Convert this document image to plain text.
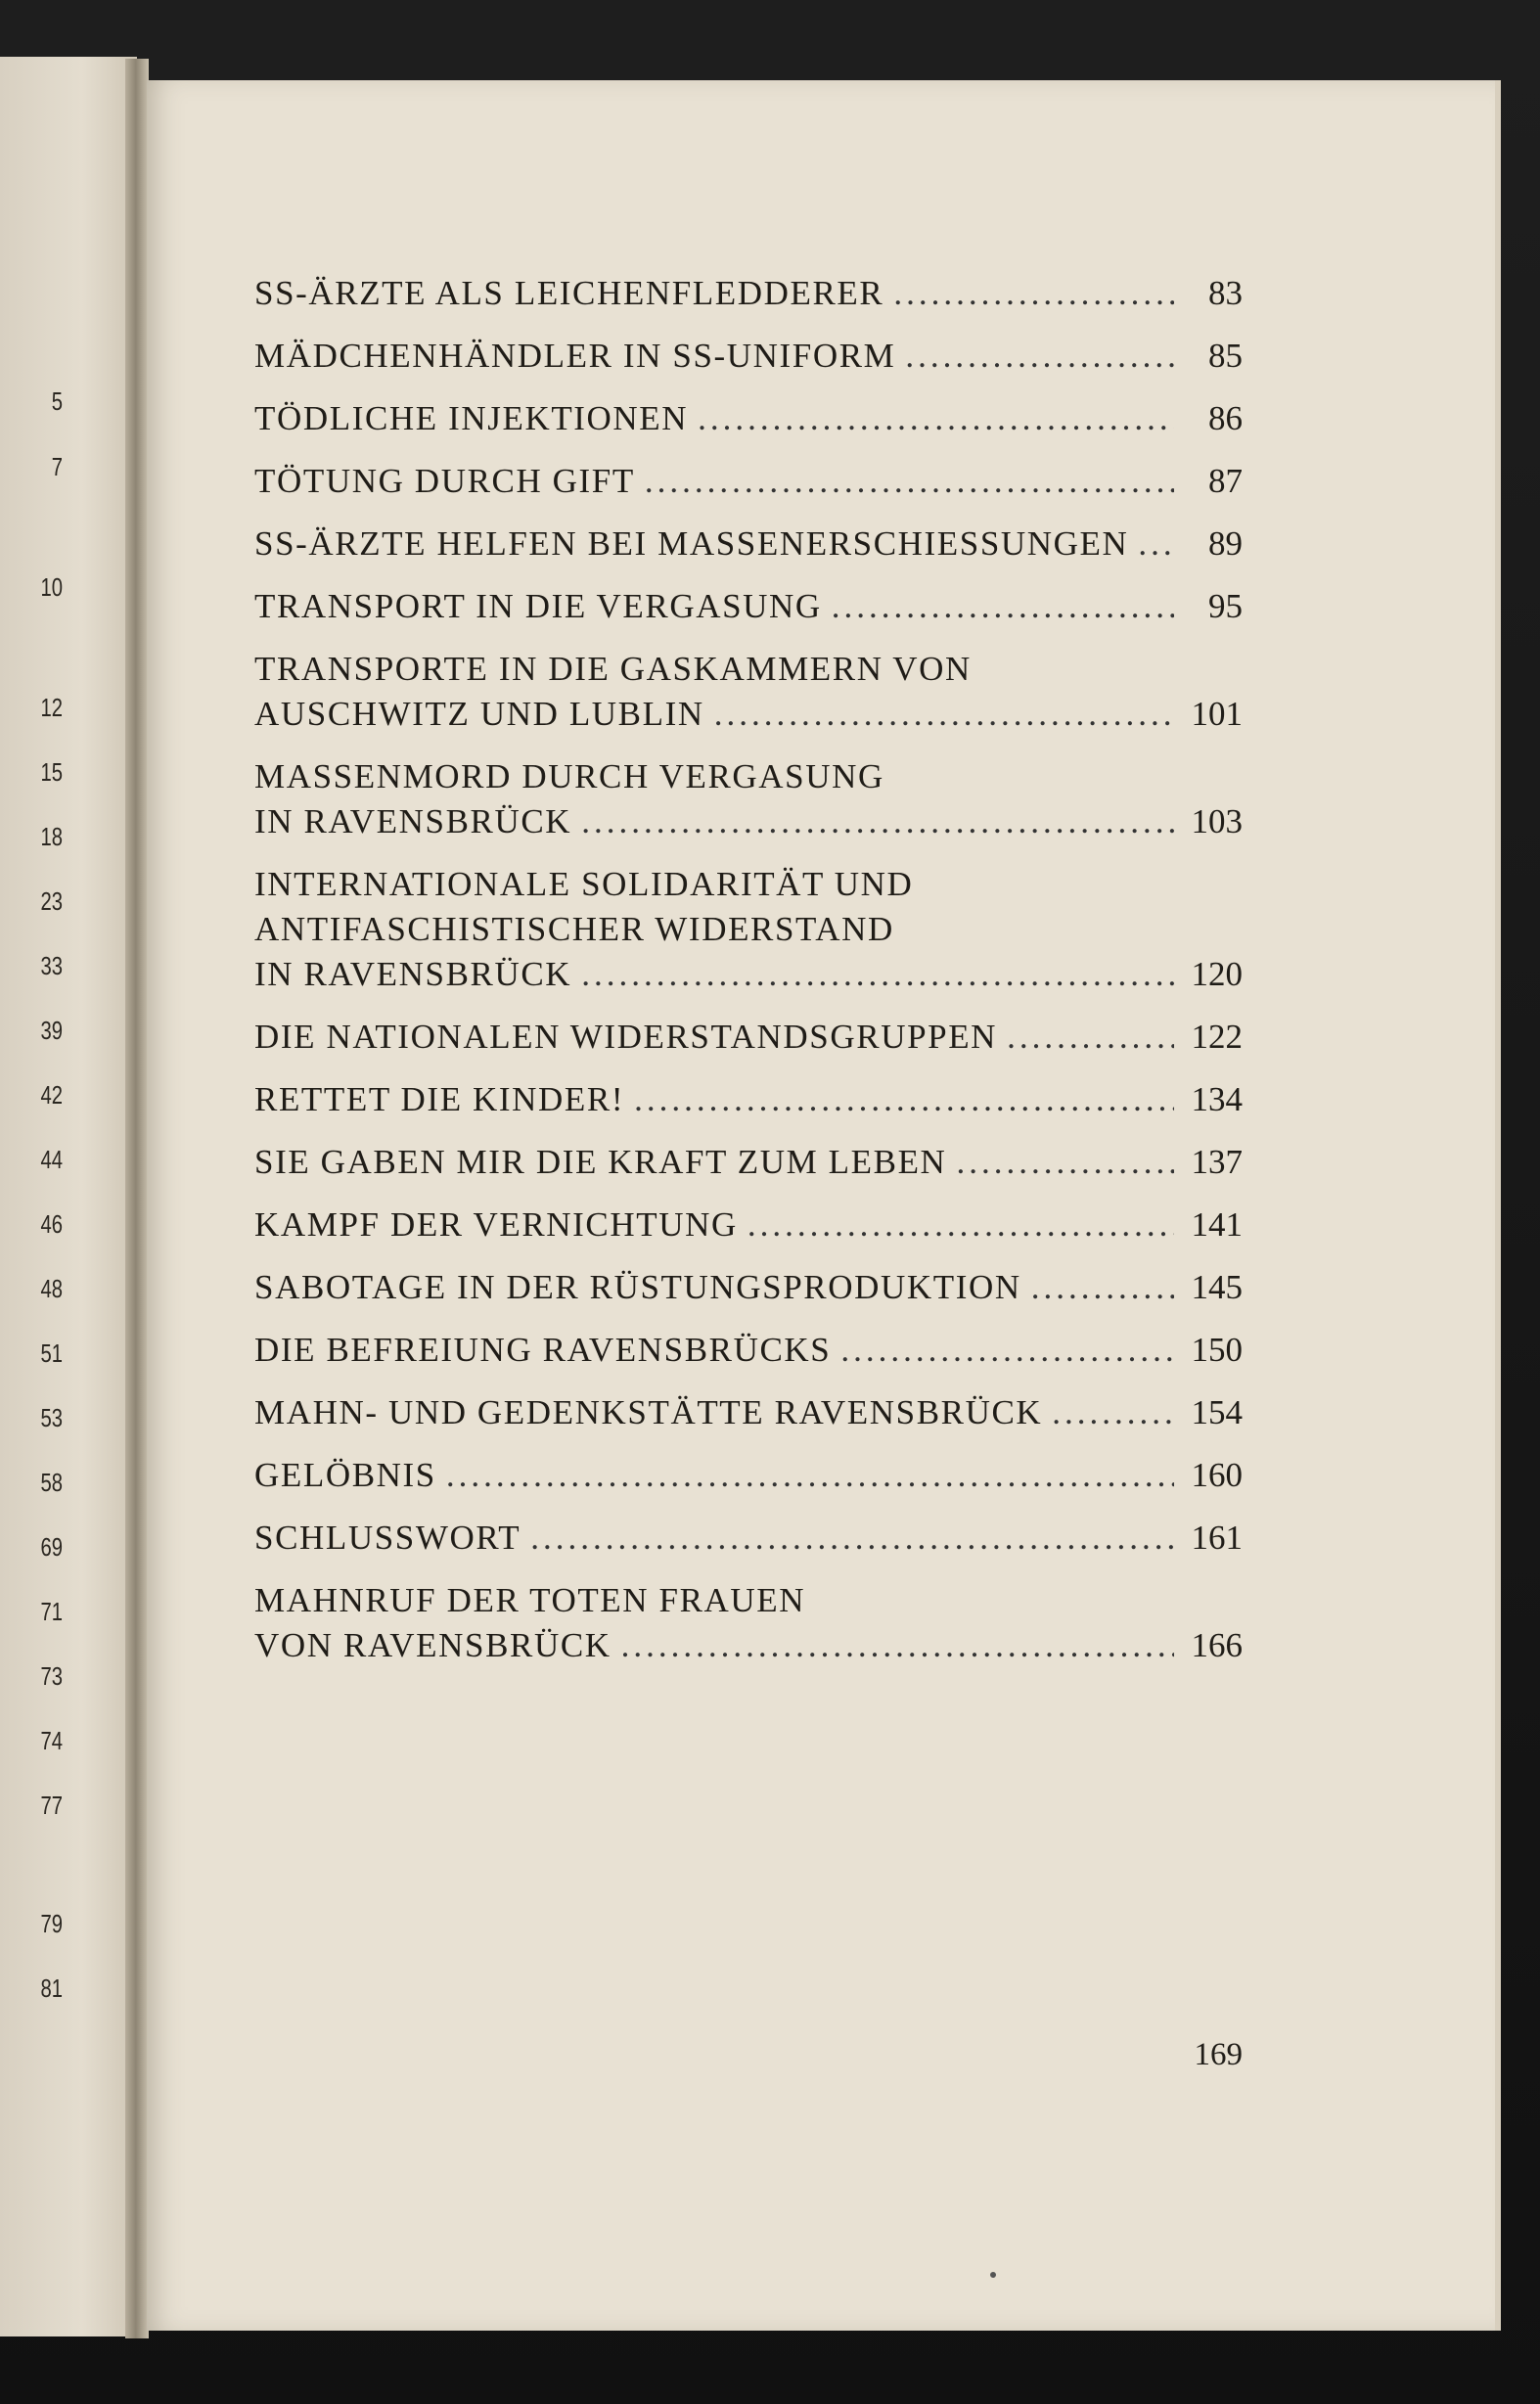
5
7
10
12
15
18
23
33
39
42
44
46
48
51
53
58
69
71
73
74
77
79
81
SS-ÄRZTE ALS LEICHENFLEDDERER .....	83
MÄDCHENHÄNDLER IN SS-UNIFORM .....	85
TÖDLICHE INJEKTIONEN .....	86
TÖTUNG DURCH GIFT .....	87
SS-ÄRZTE HELFEN BEI MASSENERSCHIESSUNGEN .....	89
TRANSPORT IN DIE VERGASUNG .....	95
TRANSPORTE IN DIE GASKAMMERN VON
AUSCHWITZ UND LUBLIN .....	101
MASSENMORD DURCH VERGASUNG
IN RAVENSBRÜCK .....	103
INTERNATIONALE SOLIDARITÄT UND
ANTIFASCHISTISCHER WIDERSTAND
IN RAVENSBRÜCK .....	120
DIE NATIONALEN WIDERSTANDSGRUPPEN .....	122
RETTET DIE KINDER! .....	134
SIE GABEN MIR DIE KRAFT ZUM LEBEN .....	137
KAMPF DER VERNICHTUNG .....	141
SABOTAGE IN DER RÜSTUNGSPRODUKTION .....	145
DIE BEFREIUNG RAVENSBRÜCKS .....	150
MAHN- UND GEDENKSTÄTTE RAVENSBRÜCK .....	154
GELÖBNIS .....	160
SCHLUSSWORT .....	161
MAHNRUF DER TOTEN FRAUEN
VON RAVENSBRÜCK .....	166
169
